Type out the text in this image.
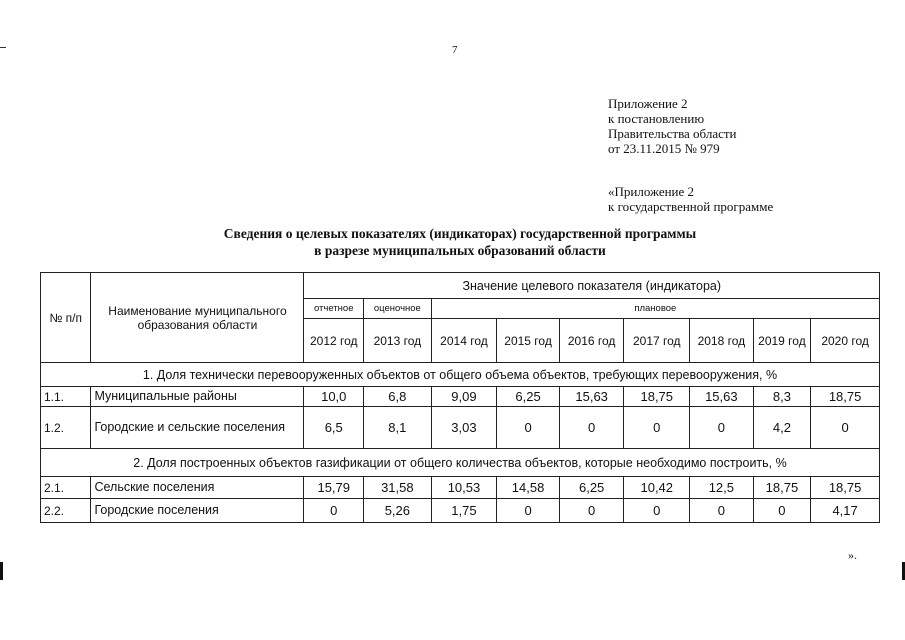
7
Приложение 2
к постановлению
Правительства области
от 23.11.2015 № 979
«Приложение 2
к государственной программе
Сведения о целевых показателях (индикаторах) государственной программы
в разрезе муниципальных образований области
№ п/п	Наименование муниципального образования области	Значение целевого показателя (индикатора)								
		отчетное	оценочное	плановое						
		2012 год	2013 год	2014 год	2015 год	2016 год	2017 год	2018 год	2019 год	2020 год
1. Доля технически перевооруженных объектов от общего объема объектов, требующих перевооружения, %										
1.1.	Муниципальные районы	10,0	6,8	9,09	6,25	15,63	18,75	15,63	8,3	18,75
1.2.	Городские и сельские поселения	6,5	8,1	3,03	0	0	0	0	4,2	0
2. Доля построенных объектов газификации от общего количества объектов, которые необходимо построить, %										
2.1.	Сельские поселения	15,79	31,58	10,53	14,58	6,25	10,42	12,5	18,75	18,75
2.2.	Городские поселения	0	5,26	1,75	0	0	0	0	0	4,17
».
